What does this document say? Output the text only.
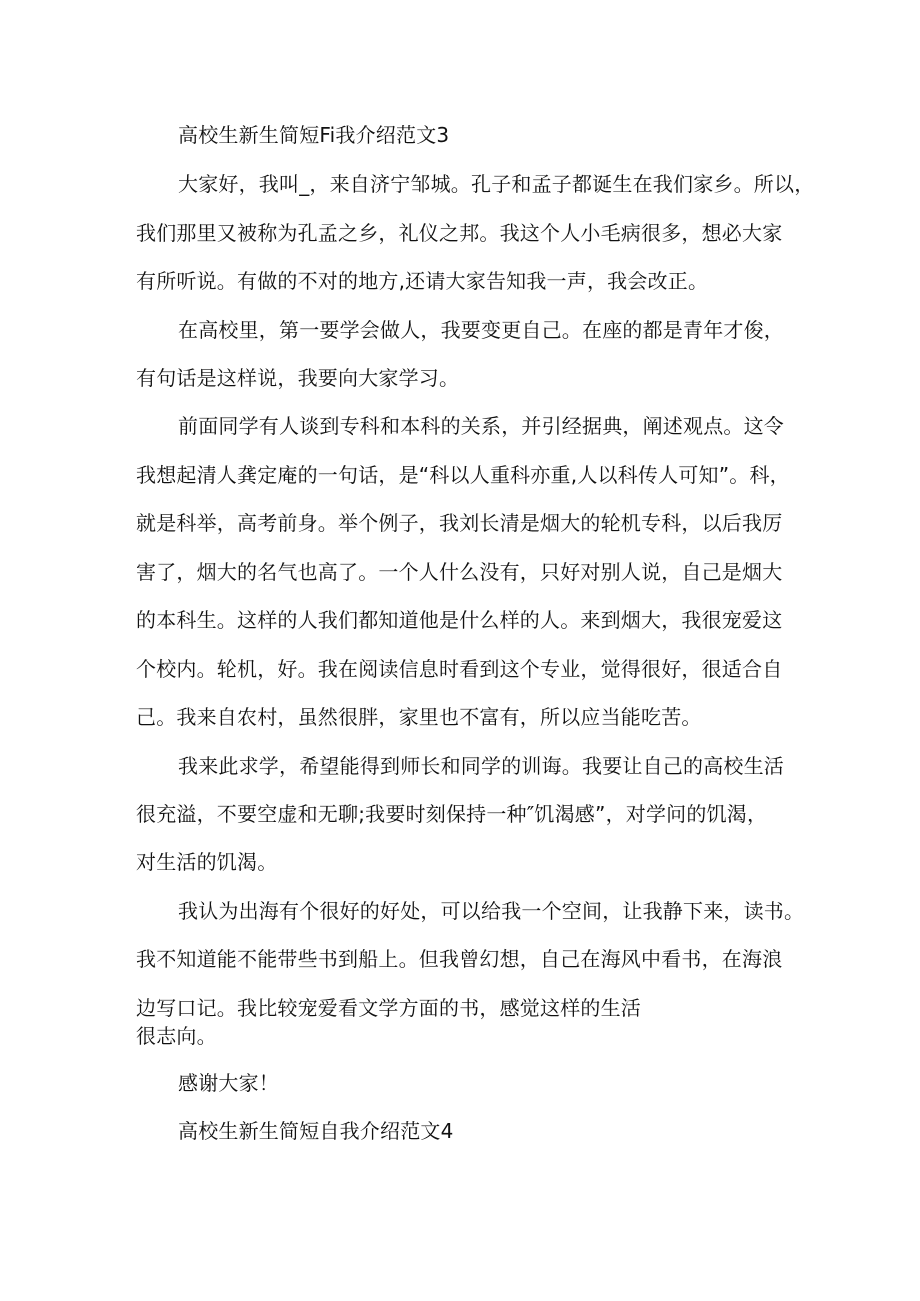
高校生新生简短Fi我介绍范文3

大家好，我叫_，来自济宁邹城。孔子和孟子都诞生在我们家乡。所以，

我们那里又被称为孔孟之乡，礼仪之邦。我这个人小毛病很多，想必大家

有所听说。有做的不对的地方,还请大家告知我一声，我会改正。

在高校里，第一要学会做人，我要变更自己。在座的都是青年才俊，

有句话是这样说，我要向大家学习。

前面同学有人谈到专科和本科的关系，并引经据典，阐述观点。这令

我想起清人龚定庵的一句话，是“科以人重科亦重,人以科传人可知”。科，

就是科举，高考前身。举个例子，我刘长清是烟大的轮机专科，以后我厉

害了，烟大的名气也高了。一个人什么没有，只好对别人说，自己是烟大

的本科生。这样的人我们都知道他是什么样的人。来到烟大，我很宠爱这

个校内。轮机，好。我在阅读信息时看到这个专业，觉得很好，很适合自

己。我来自农村，虽然很胖，家里也不富有，所以应当能吃苦。

我来此求学，希望能得到师长和同学的训诲。我要让自己的高校生活

很充溢，不要空虚和无聊;我要时刻保持一种″饥渴感”，对学问的饥渴，

对生活的饥渴。

我认为出海有个很好的好处，可以给我一个空间，让我静下来，读书。

我不知道能不能带些书到船上。但我曾幻想，自己在海风中看书，在海浪

边写口记。我比较宠爱看文学方面的书，感觉这样的生活

很志向。

感谢大家！

高校生新生简短自我介绍范文4
